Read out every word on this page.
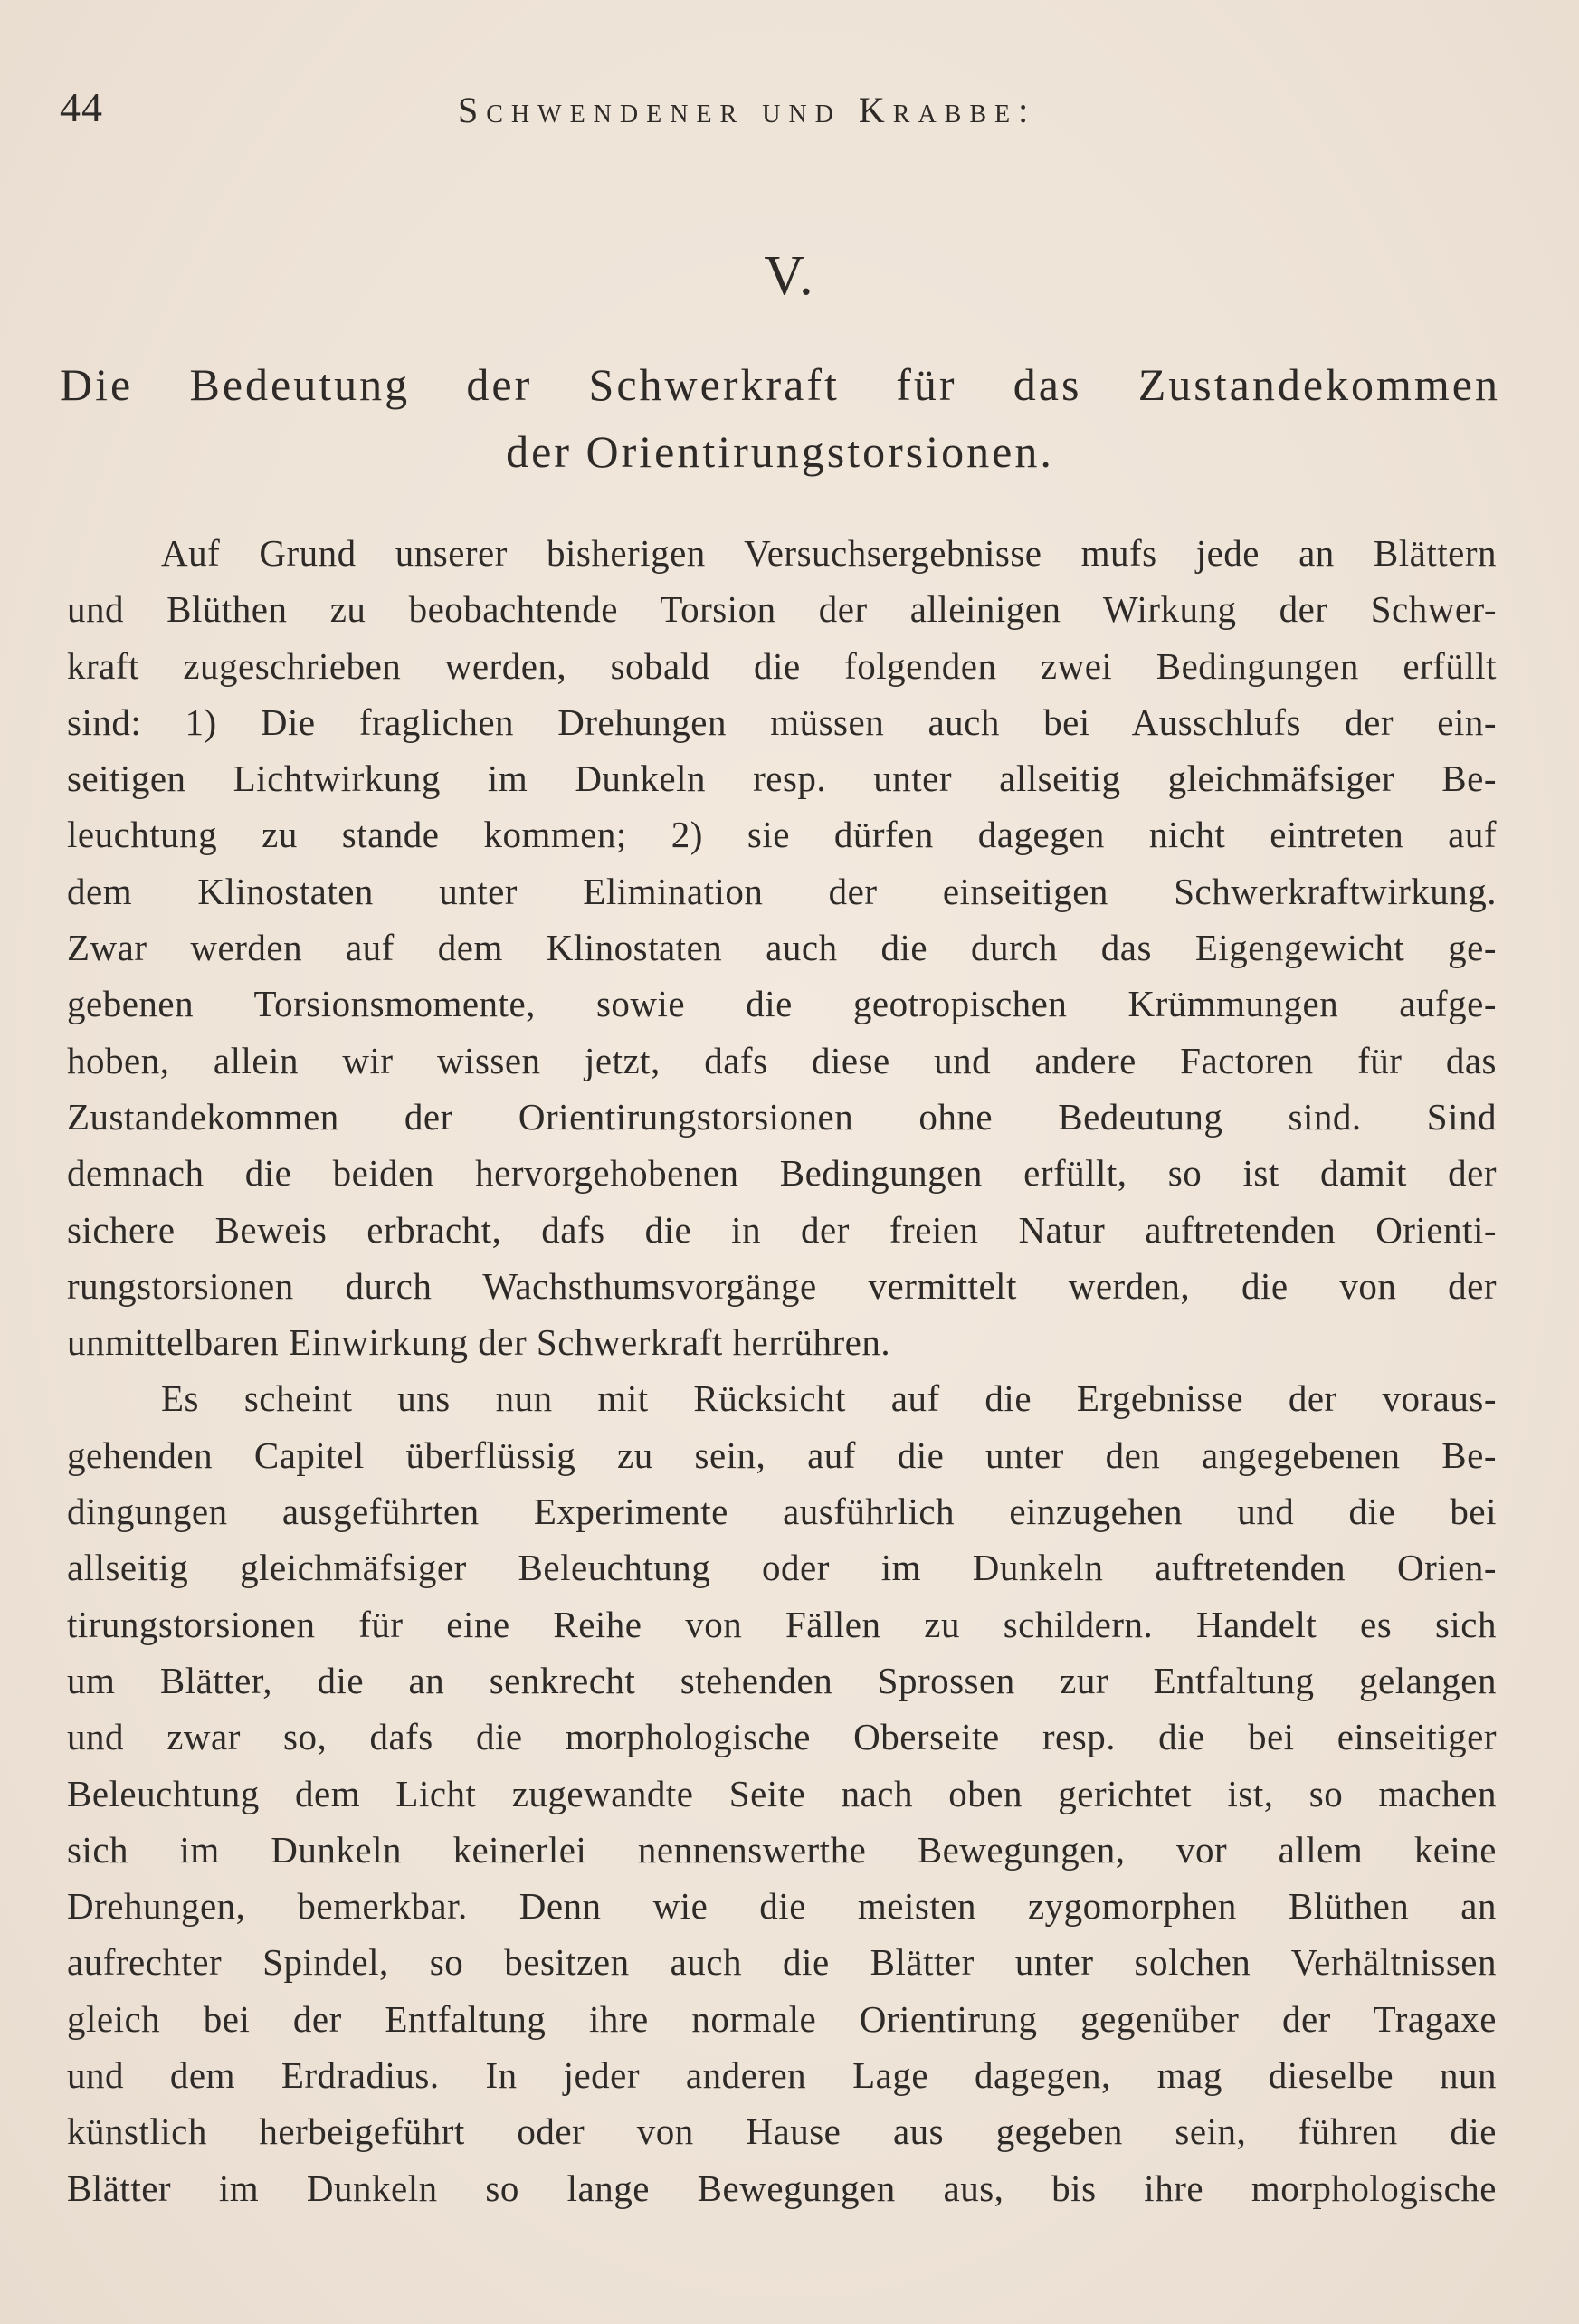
44	Schwendener und Krabbe:
V.
Die Bedeutung der Schwerkraft für das Zustandekommen
der Orientirungstorsionen.
Auf Grund unserer bisherigen Versuchsergebnisse mufs jede an Blättern
und Blüthen zu beobachtende Torsion der alleinigen Wirkung der Schwer-
kraft zugeschrieben werden, sobald die folgenden zwei Bedingungen erfüllt
sind: 1) Die fraglichen Drehungen müssen auch bei Ausschlufs der ein-
seitigen Lichtwirkung im Dunkeln resp. unter allseitig gleichmäfsiger Be-
leuchtung zu stande kommen; 2) sie dürfen dagegen nicht eintreten auf
dem Klinostaten unter Elimination der einseitigen Schwerkraftwirkung.
Zwar werden auf dem Klinostaten auch die durch das Eigengewicht ge-
gebenen Torsionsmomente, sowie die geotropischen Krümmungen aufge-
hoben, allein wir wissen jetzt, dafs diese und andere Factoren für das
Zustandekommen der Orientirungstorsionen ohne Bedeutung sind. Sind
demnach die beiden hervorgehobenen Bedingungen erfüllt, so ist damit der
sichere Beweis erbracht, dafs die in der freien Natur auftretenden Orienti-
rungstorsionen durch Wachsthumsvorgänge vermittelt werden, die von der
unmittelbaren Einwirkung der Schwerkraft herrühren.
Es scheint uns nun mit Rücksicht auf die Ergebnisse der voraus-
gehenden Capitel überflüssig zu sein, auf die unter den angegebenen Be-
dingungen ausgeführten Experimente ausführlich einzugehen und die bei
allseitig gleichmäfsiger Beleuchtung oder im Dunkeln auftretenden Orien-
tirungstorsionen für eine Reihe von Fällen zu schildern. Handelt es sich
um Blätter, die an senkrecht stehenden Sprossen zur Entfaltung gelangen
und zwar so, dafs die morphologische Oberseite resp. die bei einseitiger
Beleuchtung dem Licht zugewandte Seite nach oben gerichtet ist, so machen
sich im Dunkeln keinerlei nennenswerthe Bewegungen, vor allem keine
Drehungen, bemerkbar. Denn wie die meisten zygomorphen Blüthen an
aufrechter Spindel, so besitzen auch die Blätter unter solchen Verhältnissen
gleich bei der Entfaltung ihre normale Orientirung gegenüber der Tragaxe
und dem Erdradius. In jeder anderen Lage dagegen, mag dieselbe nun
künstlich herbeigeführt oder von Hause aus gegeben sein, führen die
Blätter im Dunkeln so lange Bewegungen aus, bis ihre morphologische
